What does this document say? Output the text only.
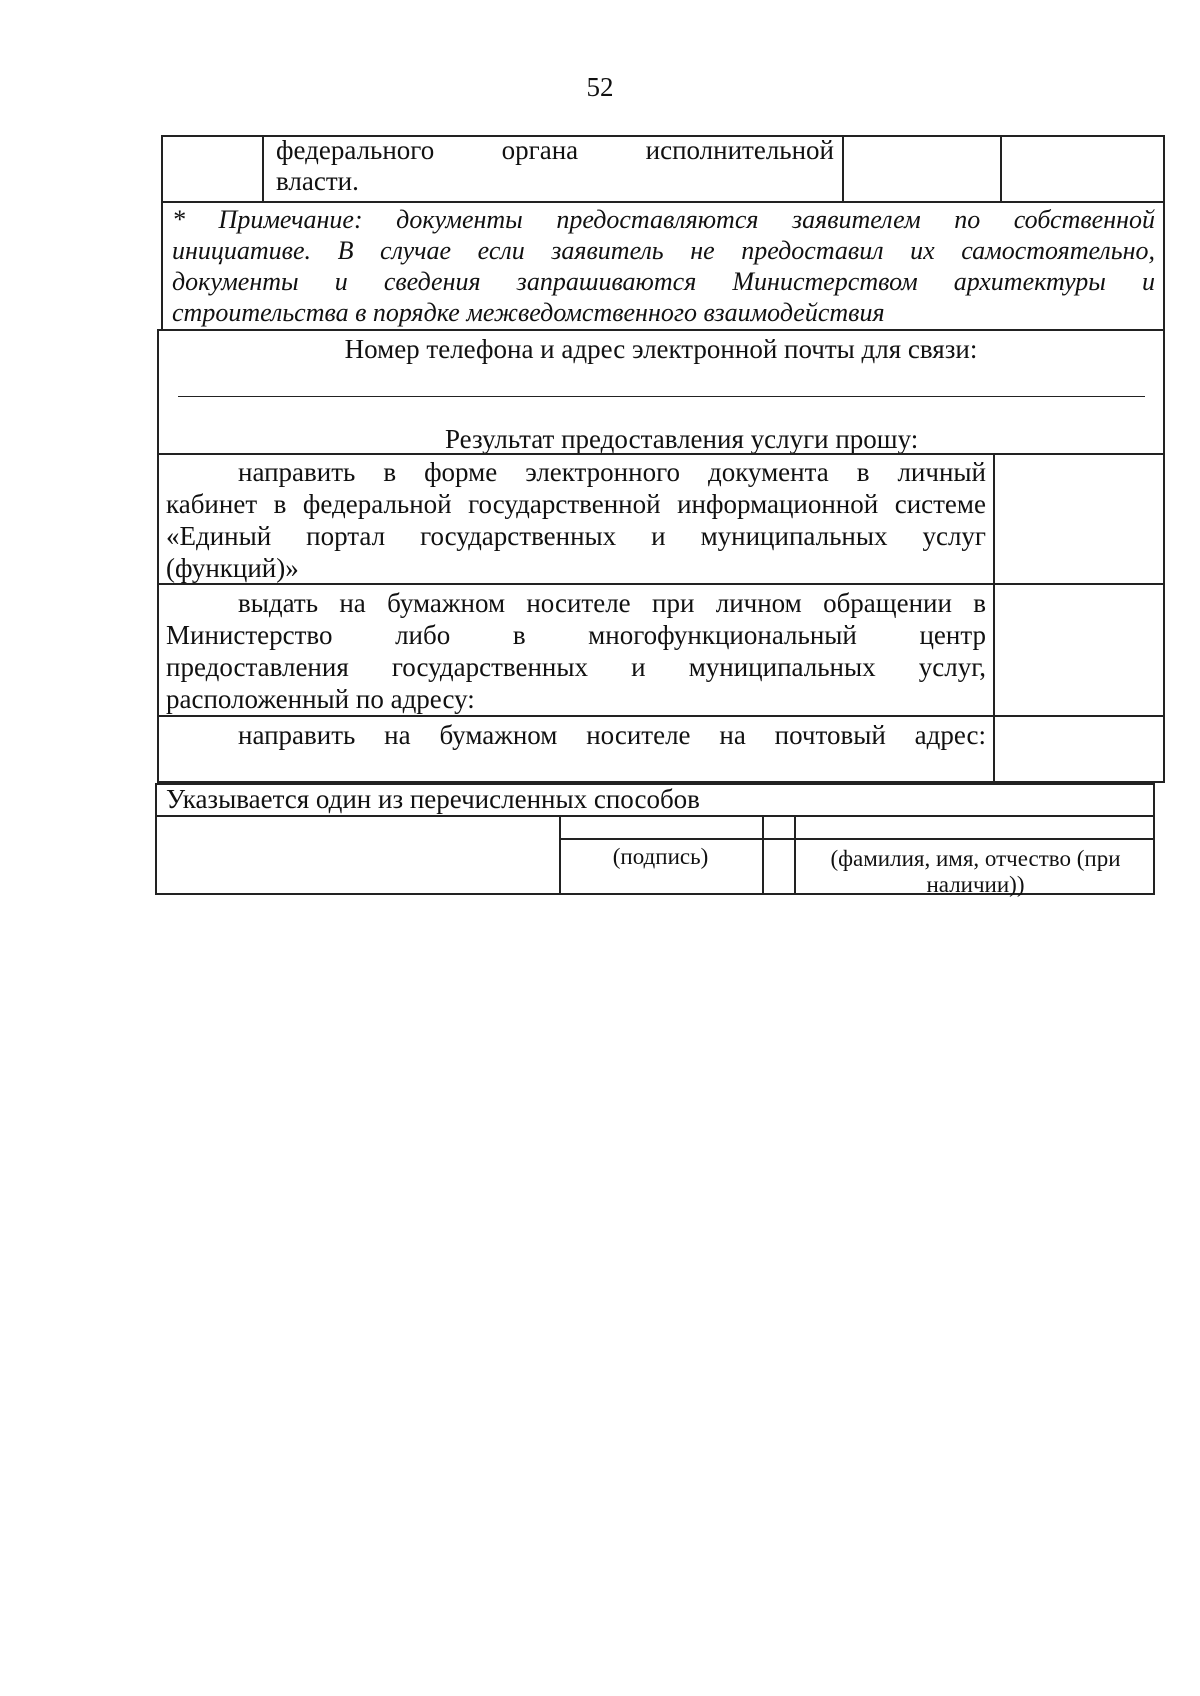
52
федерального органа исполнительной
власти.
* Примечание: документы предоставляются заявителем по собственной
инициативе. В случае если заявитель не предоставил их самостоятельно,
документы и сведения запрашиваются Министерством архитектуры и
строительства в порядке межведомственного взаимодействия
Номер телефона и адрес электронной почты для связи:
Результат предоставления услуги прошу:
направить в форме электронного документа в личный
кабинет в федеральной государственной информационной системе
«Единый портал государственных и муниципальных услуг
(функций)»
выдать на бумажном носителе при личном обращении в
Министерство либо в многофункциональный центр
предоставления государственных и муниципальных услуг,
расположенный по адресу:
направить на бумажном носителе на почтовый адрес:
Указывается один из перечисленных способов
(подпись)	(фамилия, имя, отчество (при
наличии))
